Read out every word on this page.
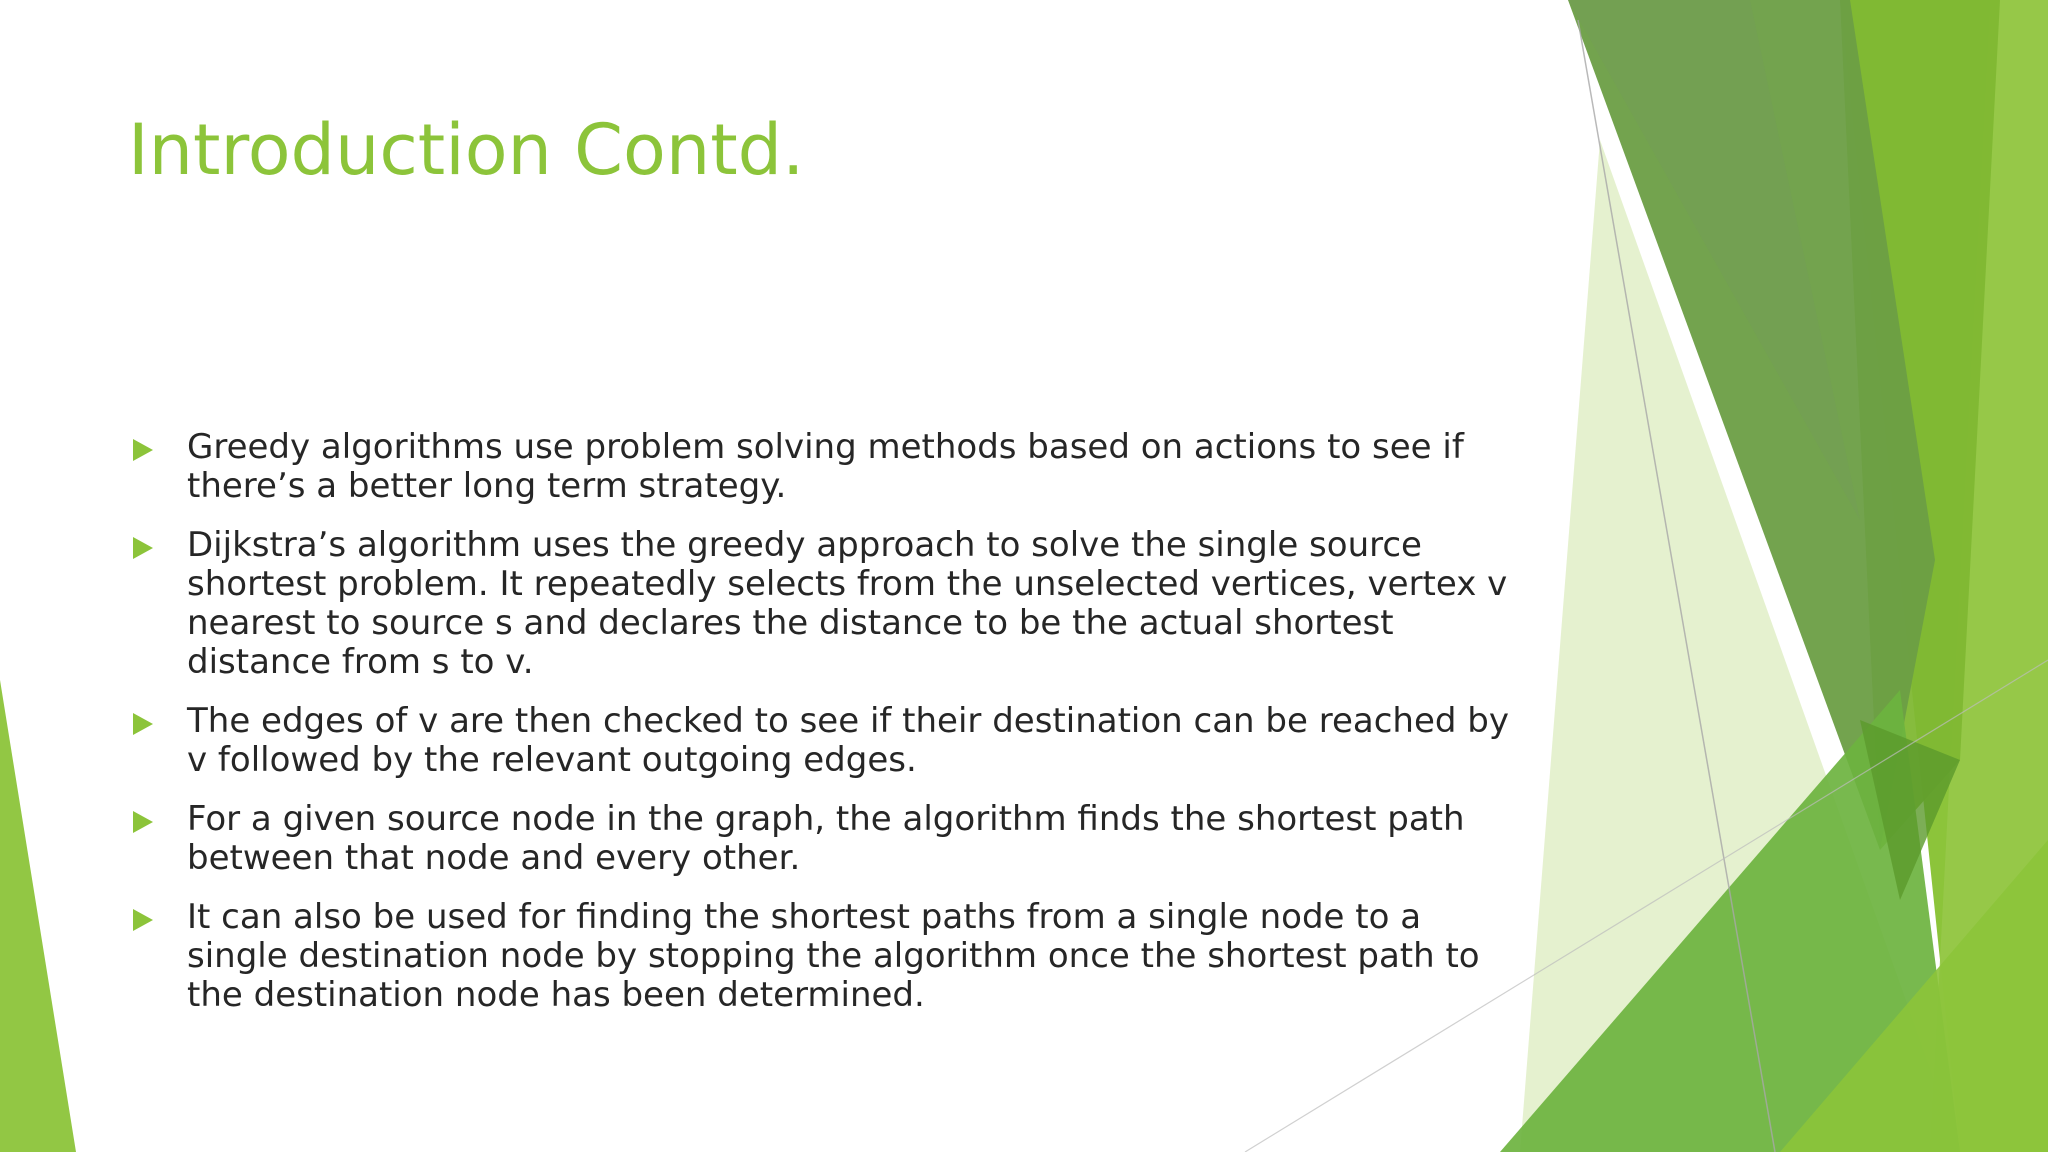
Introduction Contd.
Greedy algorithms use problem solving methods based on actions to see if there’s a better long term strategy.
Dijkstra’s algorithm uses the greedy approach to solve the single source shortest problem. It repeatedly selects from the unselected vertices, vertex v nearest to source s and declares the distance to be the actual shortest distance from s to v.
The edges of v are then checked to see if their destination can be reached by v followed by the relevant outgoing edges.
For a given source node in the graph, the algorithm finds the shortest path between that node and every other.
It can also be used for finding the shortest paths from a single node to a single destination node by stopping the algorithm once the shortest path to the destination node has been determined.
